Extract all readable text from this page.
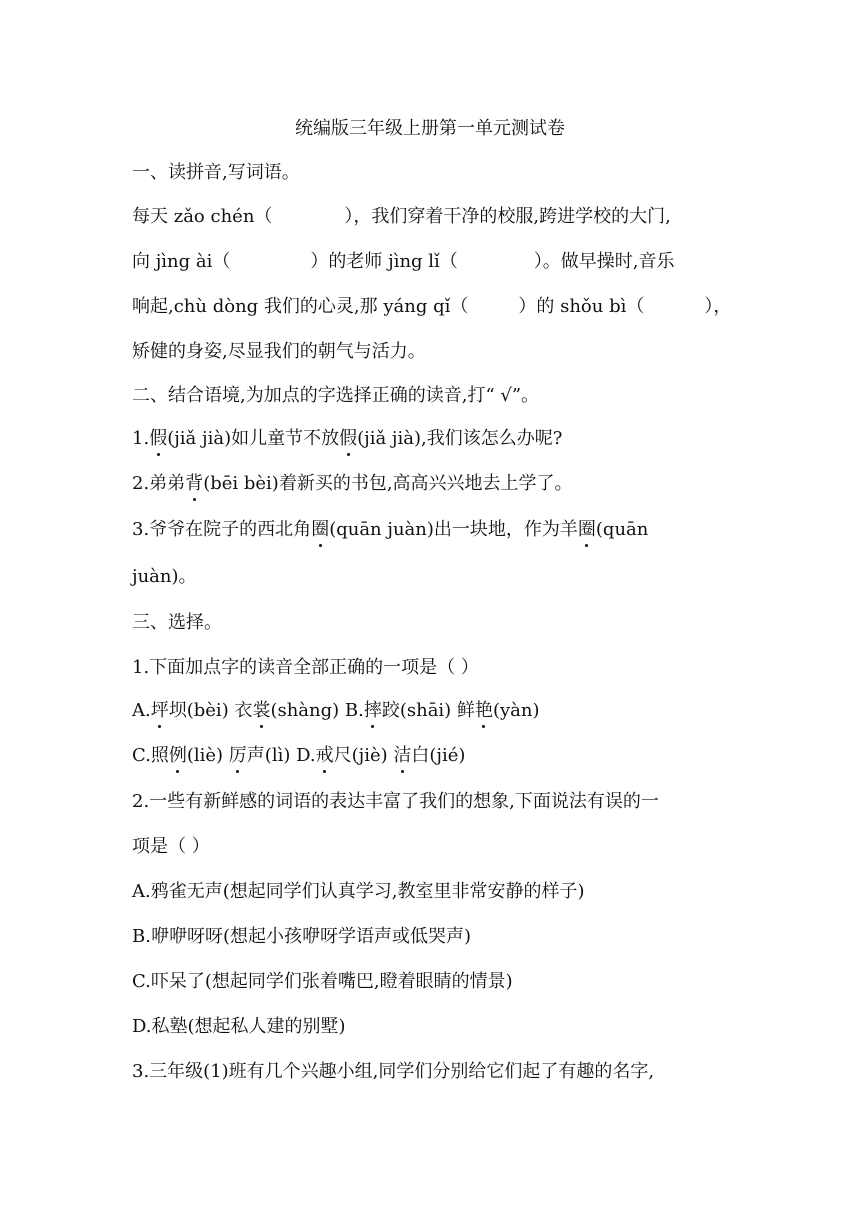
统编版三年级上册第一单元测试卷
一、读拼音,写词语。
每天 zǎo chén（	），我们穿着干净的校服,跨进学校的大门,
向 jìng ài（	）的老师 jìng lǐ（	）。做早操时,音乐
响起,chù dòng 我们的心灵,那 yáng qǐ（	）的 shǒu bì（	），
矫健的身姿,尽显我们的朝气与活力。
二、结合语境,为加点的字选择正确的读音,打“ √”。
1.假(jiǎ jià)如儿童节不放假(jiǎ jià),我们该怎么办呢?
2.弟弟背(bēi bèi)着新买的书包,高高兴兴地去上学了。
3.爷爷在院子的西北角圈(quān juàn)出一块地，作为羊圈(quān
juàn)。
三、选择。
1.下面加点字的读音全部正确的一项是（ ）
A.坪坝(bèi) 衣裳(shàng) B.摔跤(shāi) 鲜艳(yàn)
C.照例(liè) 厉声(lì) D.戒尺(jiè) 洁白(jié)
2.一些有新鲜感的词语的表达丰富了我们的想象,下面说法有误的一
项是（ ）
A.鸦雀无声(想起同学们认真学习,教室里非常安静的样子)
B.咿咿呀呀(想起小孩咿呀学语声或低哭声)
C.吓呆了(想起同学们张着嘴巴,瞪着眼睛的情景)
D.私塾(想起私人建的别墅)
3.三年级(1)班有几个兴趣小组,同学们分别给它们起了有趣的名字,
